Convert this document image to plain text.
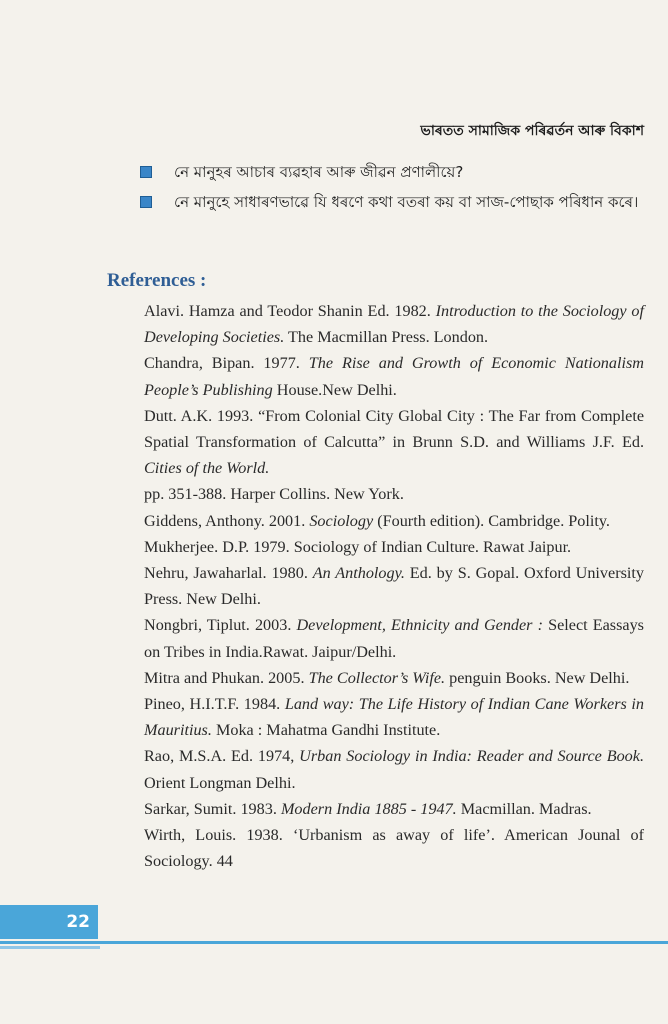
ভাৰতত সামাজিক পৰিৱৰ্তন আৰু বিকাশ
নে মানুহৰ আচাৰ ব্যৱহাৰ আৰু জীৱন প্ৰণালীয়ে?
নে মানুহে সাধাৰণভাৱে যি ধৰণে কথা বতৰা কয় বা সাজ-পোছাক পৰিধান কৰে।
References :

Alavi. Hamza and Teodor Shanin Ed. 1982. Introduction to the Sociology of Developing Societies. The Macmillan Press. London.

Chandra, Bipan. 1977. The Rise and Growth of Economic Nationalism People’s Publishing House.New Delhi.

Dutt. A.K. 1993. “From Colonial City Global City : The Far from Complete Spatial Transformation of Calcutta” in Brunn S.D. and Williams J.F. Ed. Cities of the World.

pp. 351-388. Harper Collins. New York.

Giddens, Anthony. 2001. Sociology (Fourth edition). Cambridge. Polity.

Mukherjee. D.P. 1979. Sociology of Indian Culture. Rawat Jaipur.

Nehru, Jawaharlal. 1980. An Anthology. Ed. by S. Gopal. Oxford University Press. New Delhi.

Nongbri, Tiplut. 2003. Development, Ethnicity and Gender : Select Eassays on Tribes in India.Rawat. Jaipur/Delhi.

Mitra and Phukan. 2005. The Collector’s Wife. penguin Books. New Delhi.

Pineo, H.I.T.F. 1984. Land way: The Life History of Indian Cane Workers in Mauritius. Moka : Mahatma Gandhi Institute.

Rao, M.S.A. Ed. 1974, Urban Sociology in India: Reader and Source Book. Orient Longman Delhi.

Sarkar, Sumit. 1983. Modern India 1885 - 1947. Macmillan. Madras.

Wirth, Louis. 1938. ‘Urbanism as away of life’. American Jounal of Sociology. 44

22
